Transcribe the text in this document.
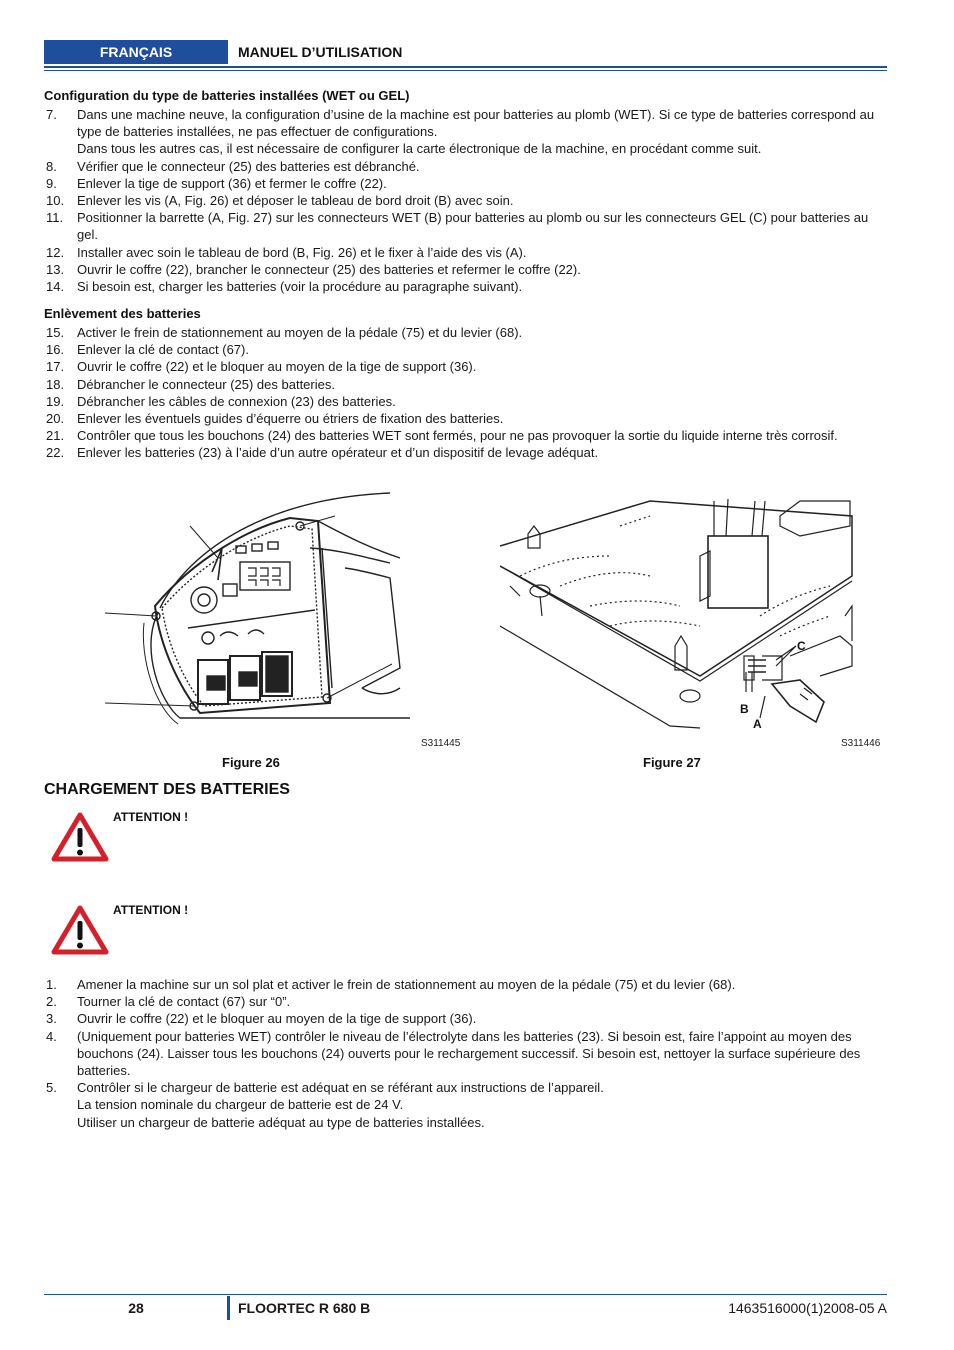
FRANÇAIS	MANUEL D’UTILISATION
Configuration du type de batteries installées (WET ou GEL)
7. Dans une machine neuve, la configuration d’usine de la machine est pour batteries au plomb (WET). Si ce type de batteries correspond au type de batteries installées, ne pas effectuer de configurations.
Dans tous les autres cas, il est nécessaire de configurer la carte électronique de la machine, en procédant comme suit.
8. Vérifier que le connecteur (25) des batteries est débranché.
9. Enlever la tige de support (36) et fermer le coffre (22).
10. Enlever les vis (A, Fig. 26) et déposer le tableau de bord droit (B) avec soin.
11. Positionner la barrette (A, Fig. 27) sur les connecteurs WET (B) pour batteries au plomb ou sur les connecteurs GEL (C) pour batteries au gel.
12. Installer avec soin le tableau de bord (B, Fig. 26) et le fixer à l’aide des vis (A).
13. Ouvrir le coffre (22), brancher le connecteur (25) des batteries et refermer le coffre (22).
14. Si besoin est, charger les batteries (voir la procédure au paragraphe suivant).
Enlèvement des batteries
15. Activer le frein de stationnement au moyen de la pédale (75) et du levier (68).
16. Enlever la clé de contact (67).
17. Ouvrir le coffre (22) et le bloquer au moyen de la tige de support (36).
18. Débrancher le connecteur (25) des batteries.
19. Débrancher les câbles de connexion (23) des batteries.
20. Enlever les éventuels guides d’équerre ou étriers de fixation des batteries.
21. Contrôler que tous les bouchons (24) des batteries WET sont fermés, pour ne pas provoquer la sortie du liquide interne très corrosif.
22. Enlever les batteries (23) à l’aide d’un autre opérateur et d’un dispositif de levage adéquat.
S311445
Figure 26
C
B
A
S311446
Figure 27
CHARGEMENT DES BATTERIES
ATTENTION !
ATTENTION !
1. Amener la machine sur un sol plat et activer le frein de stationnement au moyen de la pédale (75) et du levier (68).
2. Tourner la clé de contact (67) sur “0”.
3. Ouvrir le coffre (22) et le bloquer au moyen de la tige de support (36).
4. (Uniquement pour batteries WET) contrôler le niveau de l’électrolyte dans les batteries (23). Si besoin est, faire l’appoint au moyen des bouchons (24). Laisser tous les bouchons (24) ouverts pour le rechargement successif. Si besoin est, nettoyer la surface supérieure des batteries.
5. Contrôler si le chargeur de batterie est adéquat en se référant aux instructions de l’appareil.
La tension nominale du chargeur de batterie est de 24 V.
Utiliser un chargeur de batterie adéquat au type de batteries installées.
28	FLOORTEC R 680 B	1463516000(1)2008-05 A
